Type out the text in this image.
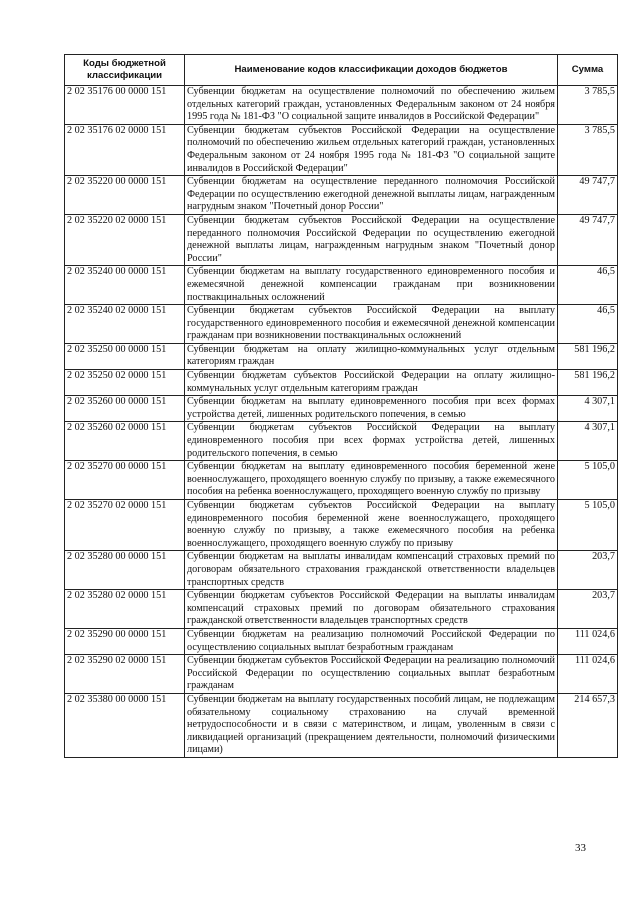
Коды бюджетной классификации	Наименование кодов классификации доходов бюджетов	Сумма
2 02 35176 00 0000 151	Субвенции бюджетам на осуществление полномочий по обеспечению жильем отдельных категорий граждан, установленных Федеральным законом от 24 ноября 1995 года № 181-ФЗ "О социальной защите инвалидов в Российской Федерации"	3 785,5
2 02 35176 02 0000 151	Субвенции бюджетам субъектов Российской Федерации на осуществление полномочий по обеспечению жильем отдельных категорий граждан, установленных Федеральным законом от 24 ноября 1995 года № 181-ФЗ "О социальной защите инвалидов в Российской Федерации"	3 785,5
2 02 35220 00 0000 151	Субвенции бюджетам на осуществление переданного полномочия Российской Федерации по осуществлению ежегодной денежной выплаты лицам, награжденным нагрудным знаком "Почетный донор России"	49 747,7
2 02 35220 02 0000 151	Субвенции бюджетам субъектов Российской Федерации на осуществление переданного полномочия Российской Федерации по осуществлению ежегодной денежной выплаты лицам, награжденным нагрудным знаком "Почетный донор России"	49 747,7
2 02 35240 00 0000 151	Субвенции бюджетам на выплату государственного единовременного пособия и ежемесячной денежной компенсации гражданам при возникновении поствакцинальных осложнений	46,5
2 02 35240 02 0000 151	Субвенции бюджетам субъектов Российской Федерации на выплату государственного единовременного пособия и ежемесячной денежной компенсации гражданам при возникновении поствакцинальных осложнений	46,5
2 02 35250 00 0000 151	Субвенции бюджетам на оплату жилищно-коммунальных услуг отдельным категориям граждан	581 196,2
2 02 35250 02 0000 151	Субвенции бюджетам субъектов Российской Федерации на оплату жилищно-коммунальных услуг отдельным категориям граждан	581 196,2
2 02 35260 00 0000 151	Субвенции бюджетам на выплату единовременного пособия при всех формах устройства детей, лишенных родительского попечения, в семью	4 307,1
2 02 35260 02 0000 151	Субвенции бюджетам субъектов Российской Федерации на выплату единовременного пособия при всех формах устройства детей, лишенных родительского попечения, в семью	4 307,1
2 02 35270 00 0000 151	Субвенции бюджетам на выплату единовременного пособия беременной жене военнослужащего, проходящего военную службу по призыву, а также ежемесячного пособия на ребенка военнослужащего, проходящего военную службу по призыву	5 105,0
2 02 35270 02 0000 151	Субвенции бюджетам субъектов Российской Федерации на выплату единовременного пособия беременной жене военнослужащего, проходящего военную службу по призыву, а также ежемесячного пособия на ребенка военнослужащего, проходящего военную службу по призыву	5 105,0
2 02 35280 00 0000 151	Субвенции бюджетам на выплаты инвалидам компенсаций страховых премий по договорам обязательного страхования гражданской ответственности владельцев транспортных средств	203,7
2 02 35280 02 0000 151	Субвенции бюджетам субъектов Российской Федерации на выплаты инвалидам компенсаций страховых премий по договорам обязательного страхования гражданской ответственности владельцев транспортных средств	203,7
2 02 35290 00 0000 151	Субвенции бюджетам на реализацию полномочий Российской Федерации по осуществлению социальных выплат безработным гражданам	111 024,6
2 02 35290 02 0000 151	Субвенции бюджетам субъектов Российской Федерации на реализацию полномочий Российской Федерации по осуществлению социальных выплат безработным гражданам	111 024,6
2 02 35380 00 0000 151	Субвенции бюджетам на выплату государственных пособий лицам, не подлежащим обязательному социальному страхованию на случай временной нетрудоспособности и в связи с материнством, и лицам, уволенным в связи с ликвидацией организаций (прекращением деятельности, полномочий физическими лицами)	214 657,3
33
